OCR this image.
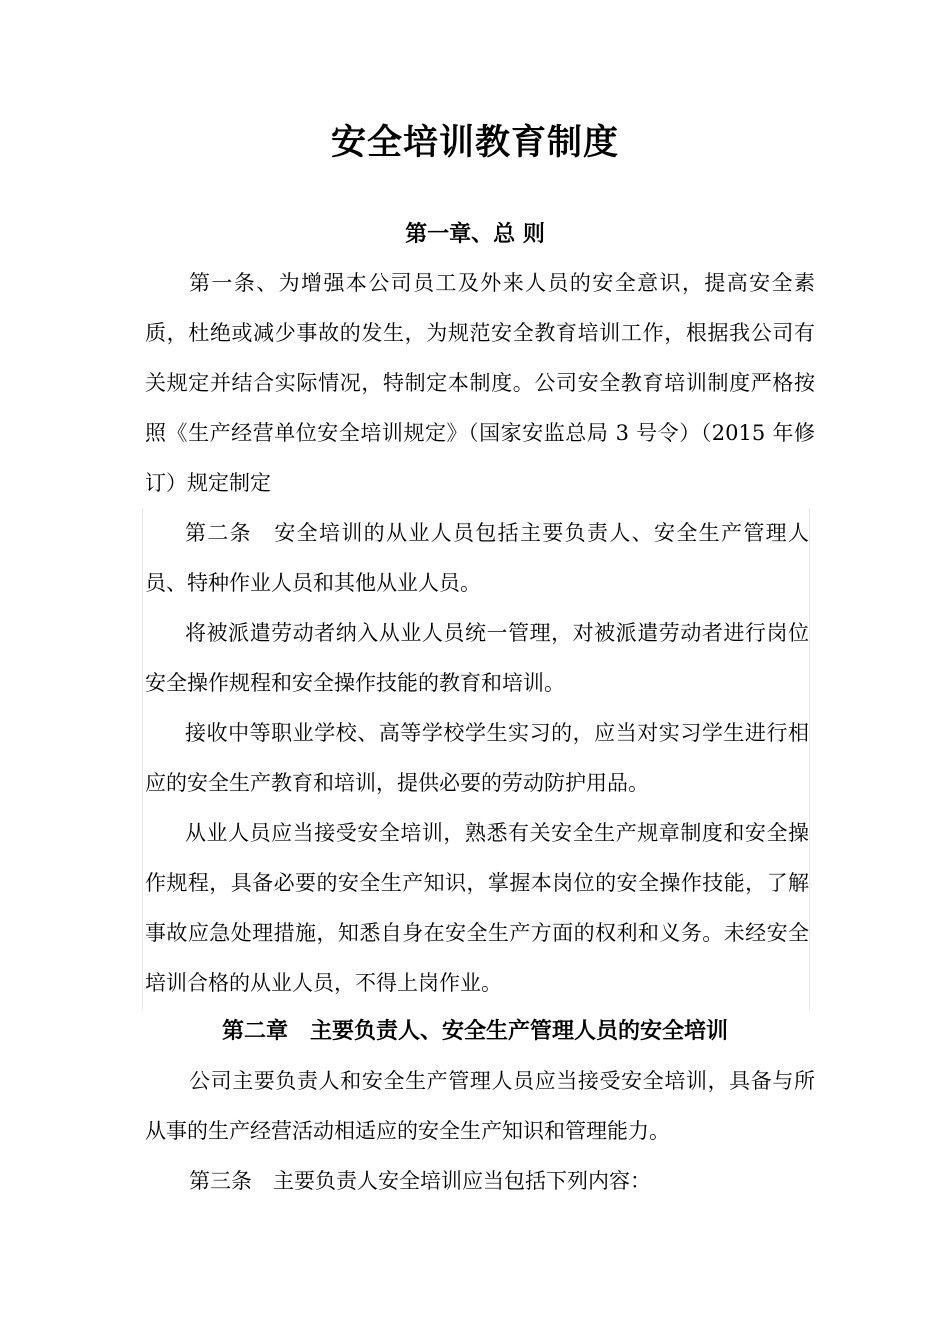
安全培训教育制度
第一章、总 则

第一条、为增强本公司员工及外来人员的安全意识，提高安全素质，杜绝或减少事故的发生，为规范安全教育培训工作，根据我公司有关规定并结合实际情况，特制定本制度。公司安全教育培训制度严格按照《生产经营单位安全培训规定》（国家安监总局 3 号令）（2015 年修订）规定制定

第二条　安全培训的从业人员包括主要负责人、安全生产管理人员、特种作业人员和其他从业人员。

将被派遣劳动者纳入从业人员统一管理，对被派遣劳动者进行岗位安全操作规程和安全操作技能的教育和培训。

接收中等职业学校、高等学校学生实习的，应当对实习学生进行相应的安全生产教育和培训，提供必要的劳动防护用品。

从业人员应当接受安全培训，熟悉有关安全生产规章制度和安全操作规程，具备必要的安全生产知识，掌握本岗位的安全操作技能，了解事故应急处理措施，知悉自身在安全生产方面的权利和义务。未经安全培训合格的从业人员，不得上岗作业。

第二章　主要负责人、安全生产管理人员的安全培训

公司主要负责人和安全生产管理人员应当接受安全培训，具备与所从事的生产经营活动相适应的安全生产知识和管理能力。

第三条　主要负责人安全培训应当包括下列内容：
